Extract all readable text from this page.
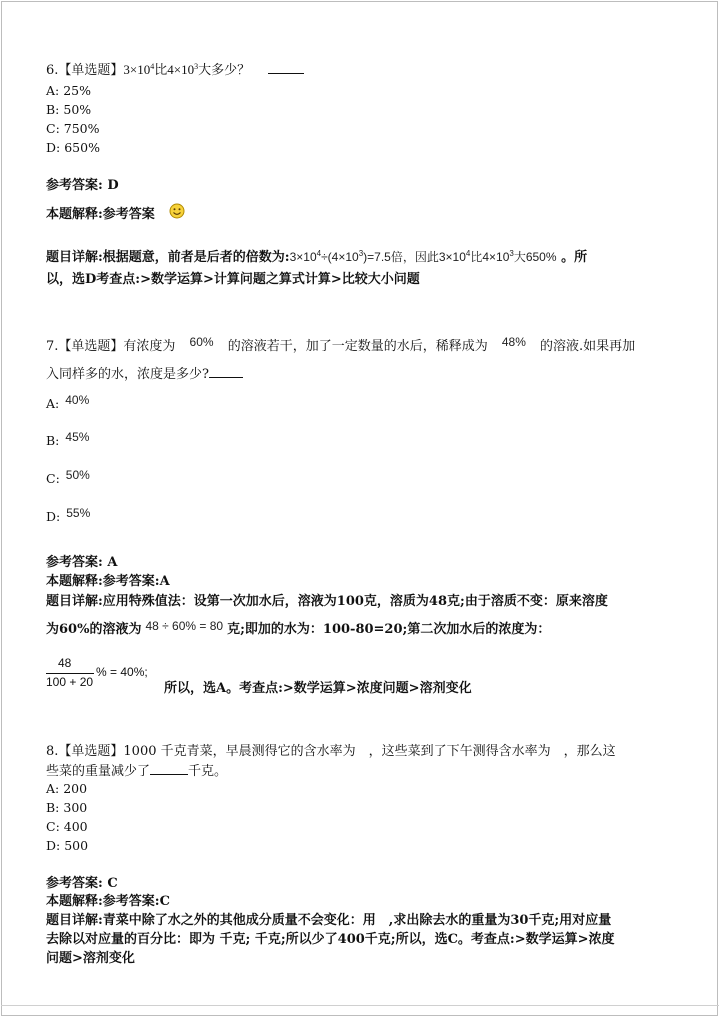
6.【单选题】$3\times 10^4$比$4\times 10^3$大多少？
A: 25%
B: 50%
C: 750%
D: 650%
参考答案: D
本题解释:参考答案
题目详解:根据题意，前者是后者的倍数为$:3\times 10^4\div(4\times 10^3)=7.5$倍，因此$3\times 10^4$比$4\times 10^3$大650% 。所
以，选D考查点:>数学运算>计算问题之算式计算>比较大小问题
7.【单选题】有浓度为 60% 的溶液若干，加了一定数量的水后，稀释成为 48% 的溶液.如果再加
入同样多的水，浓度是多少?
A: 40%
B: 45%
C: 50%
D: 55%
参考答案: A
本题解释:参考答案:A
题目详解:应用特殊值法：设第一次加水后，溶液为100克，溶质为48克;由于溶质不变：原来溶度
为60%的溶液为 48 ÷ 60% = 80 克;即加的水为：100-80=20;第二次加水后的浓度为：
48
100 + 20
% = 40%;
所以，选A。考查点:>数学运算>浓度问题>溶剂变化
8.【单选题】1000 千克青菜，早晨测得它的含水率为　，这些菜到了下午测得含水率为　，那么这
些菜的重量减少了	千克。
A: 200
B: 300
C: 400
D: 500
参考答案: C
本题解释:参考答案:C
题目详解:青菜中除了水之外的其他成分质量不会变化：用　,求出除去水的重量为30千克;用对应量
去除以对应量的百分比：即为 千克; 千克;所以少了400千克;所以，选C。考查点:>数学运算>浓度
问题>溶剂变化
